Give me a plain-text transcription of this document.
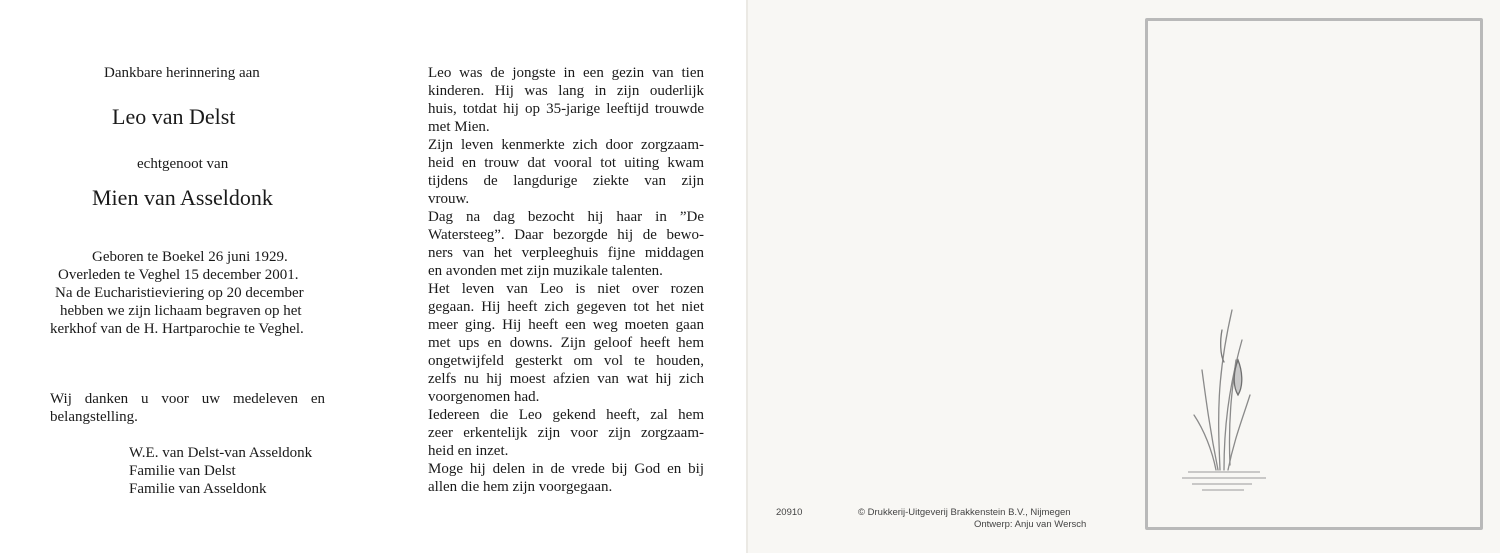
Dankbare herinnering aan
Leo van Delst
echtgenoot van
Mien van Asseldonk
Geboren te Boekel 26 juni 1929.
Overleden te Veghel 15 december 2001.
Na de Eucharistieviering op 20 december
hebben we zijn lichaam begraven op het
kerkhof van de H. Hartparochie te Veghel.
Wij danken u voor uw medeleven en
belangstelling.
W.E. van Delst-van Asseldonk
Familie van Delst
Familie van Asseldonk

Leo was de jongste in een gezin van tien
kinderen. Hij was lang in zijn ouderlijk
huis, totdat hij op 35-jarige leeftijd trouwde
met Mien.

Zijn leven kenmerkte zich door zorgzaam-
heid en trouw dat vooral tot uiting kwam
tijdens de langdurige ziekte van zijn
vrouw.

Dag na dag bezocht hij haar in ”De
Watersteeg”. Daar bezorgde hij de bewo-
ners van het verpleeghuis fijne middagen
en avonden met zijn muzikale talenten.

Het leven van Leo is niet over rozen
gegaan. Hij heeft zich gegeven tot het niet
meer ging. Hij heeft een weg moeten gaan
met ups en downs. Zijn geloof heeft hem
ongetwijfeld gesterkt om vol te houden,
zelfs nu hij moest afzien van wat hij zich
voorgenomen had.

Iedereen die Leo gekend heeft, zal hem
zeer erkentelijk zijn voor zijn zorgzaam-
heid en inzet.

Moge hij delen in de vrede bij God en bij
allen die hem zijn voorgegaan.

20910	© Drukkerij-Uitgeverij Brakkenstein B.V., Nijmegen
Ontwerp: Anju van Wersch
